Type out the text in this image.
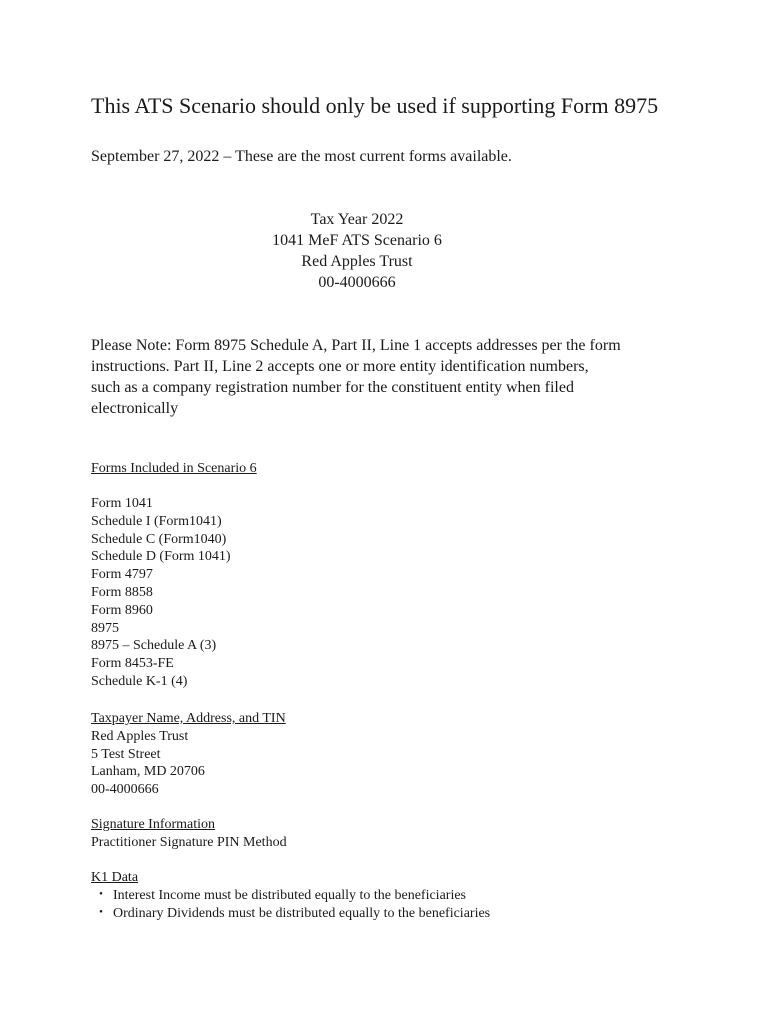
This ATS Scenario should only be used if supporting Form 8975
September 27, 2022 – These are the most current forms available.
Tax Year 2022
1041 MeF ATS Scenario 6
Red Apples Trust
00-4000666
Please Note: Form 8975 Schedule A, Part II, Line 1 accepts addresses per the form
instructions. Part II, Line 2 accepts one or more entity identification numbers,
such as a company registration number for the constituent entity when filed
electronically
Forms Included in Scenario 6
Form 1041
Schedule I (Form1041)
Schedule C (Form1040)
Schedule D (Form 1041)
Form 4797
Form 8858
Form 8960
8975
8975 – Schedule A (3)
Form 8453-FE
Schedule K-1 (4)
Taxpayer Name, Address, and TIN
Red Apples Trust
5 Test Street
Lanham, MD 20706
00-4000666
Signature Information
Practitioner Signature PIN Method
K1 Data
・ Interest Income must be distributed equally to the beneficiaries
・ Ordinary Dividends must be distributed equally to the beneficiaries
